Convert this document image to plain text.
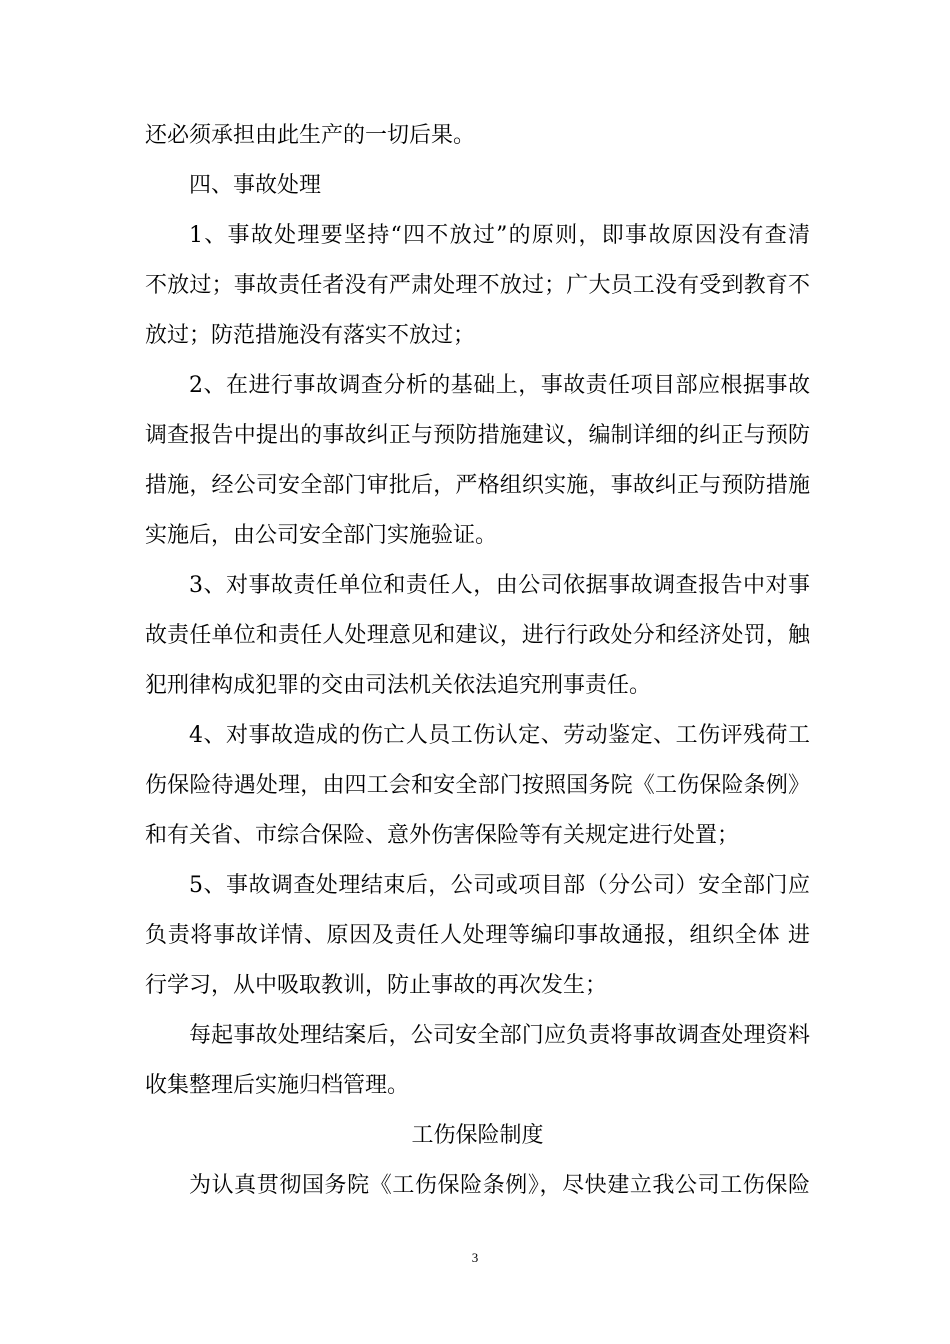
还必须承担由此生产的一切后果。
四、事故处理
1、事故处理要坚持“四不放过”的原则，即事故原因没有查清
不放过；事故责任者没有严肃处理不放过；广大员工没有受到教育不
放过；防范措施没有落实不放过；
2、在进行事故调查分析的基础上，事故责任项目部应根据事故
调查报告中提出的事故纠正与预防措施建议，编制详细的纠正与预防
措施，经公司安全部门审批后，严格组织实施，事故纠正与预防措施
实施后，由公司安全部门实施验证。
3、对事故责任单位和责任人，由公司依据事故调查报告中对事
故责任单位和责任人处理意见和建议，进行行政处分和经济处罚，触
犯刑律构成犯罪的交由司法机关依法追究刑事责任。
4、对事故造成的伤亡人员工伤认定、劳动鉴定、工伤评残荷工
伤保险待遇处理，由四工会和安全部门按照国务院《工伤保险条例》
和有关省、市综合保险、意外伤害保险等有关规定进行处置；
5、事故调查处理结束后，公司或项目部（分公司）安全部门应
负责将事故详情、原因及责任人处理等编印事故通报，组织全体 进
行学习，从中吸取教训，防止事故的再次发生；
每起事故处理结案后，公司安全部门应负责将事故调查处理资料
收集整理后实施归档管理。
工伤保险制度
为认真贯彻国务院《工伤保险条例》，尽快建立我公司工伤保险
3
